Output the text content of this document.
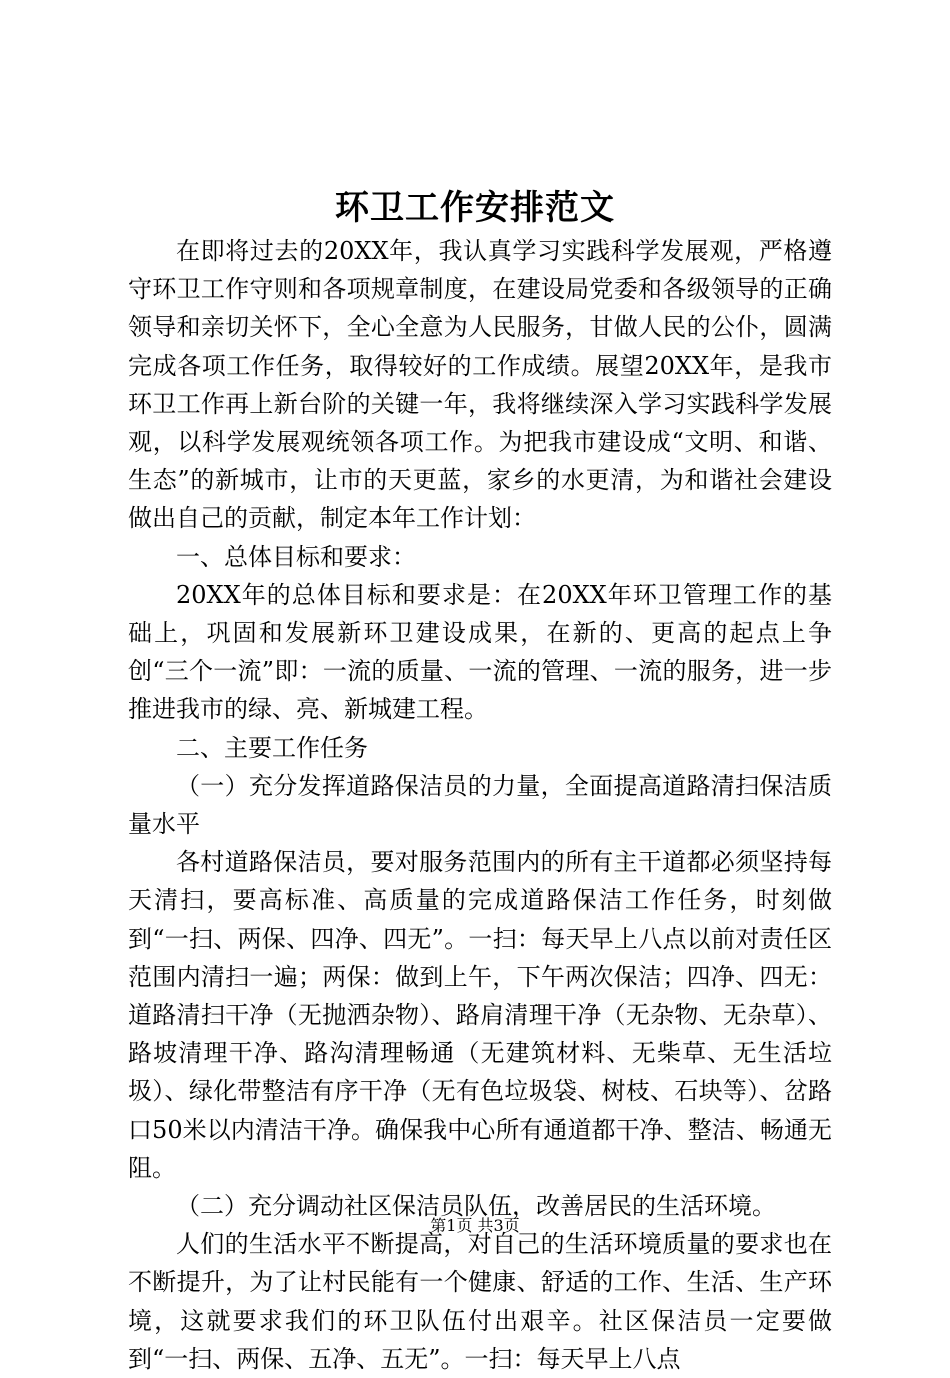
环卫工作安排范文

在即将过去的20XX年，我认真学习实践科学发展观，严格遵守环卫工作守则和各项规章制度，在建设局党委和各级领导的正确领导和亲切关怀下，全心全意为人民服务，甘做人民的公仆，圆满完成各项工作任务，取得较好的工作成绩。展望20XX年，是我市环卫工作再上新台阶的关键一年，我将继续深入学习实践科学发展观，以科学发展观统领各项工作。为把我市建设成“文明、和谐、生态”的新城市，让市的天更蓝，家乡的水更清，为和谐社会建设做出自己的贡献，制定本年工作计划：

一、总体目标和要求：

20XX年的总体目标和要求是：在20XX年环卫管理工作的基础上，巩固和发展新环卫建设成果，在新的、更高的起点上争创“三个一流”即：一流的质量、一流的管理、一流的服务，进一步推进我市的绿、亮、新城建工程。

二、主要工作任务

（一）充分发挥道路保洁员的力量，全面提高道路清扫保洁质量水平

各村道路保洁员，要对服务范围内的所有主干道都必须坚持每天清扫，要高标准、高质量的完成道路保洁工作任务，时刻做到“一扫、两保、四净、四无”。一扫：每天早上八点以前对责任区范围内清扫一遍；两保：做到上午，下午两次保洁；四净、四无：道路清扫干净（无抛洒杂物）、路肩清理干净（无杂物、无杂草）、路坡清理干净、路沟清理畅通（无建筑材料、无柴草、无生活垃圾）、绿化带整洁有序干净（无有色垃圾袋、树枝、石块等）、岔路口50米以内清洁干净。确保我中心所有通道都干净、整洁、畅通无阻。

（二）充分调动社区保洁员队伍，改善居民的生活环境。

人们的生活水平不断提高，对自己的生活环境质量的要求也在不断提升，为了让村民能有一个健康、舒适的工作、生活、生产环境，这就要求我们的环卫队伍付出艰辛。社区保洁员一定要做到“一扫、两保、五净、五无”。一扫：每天早上八点

第1页 共3页
